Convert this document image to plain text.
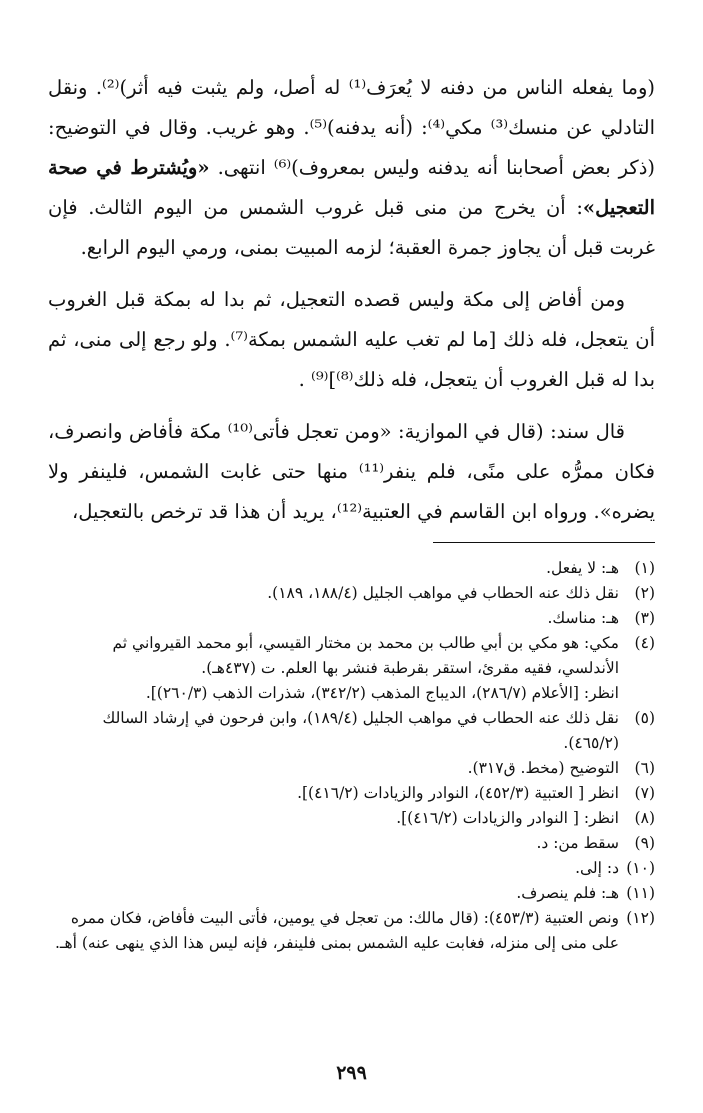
(وما يفعله الناس من دفنه لا يُعرَف⁽¹⁾ له أصل، ولم يثبت فيه أثر)⁽²⁾. ونقل التادلي عن منسك⁽³⁾ مكي⁽⁴⁾: (أنه يدفنه)⁽⁵⁾. وهو غريب. وقال في التوضيح: (ذكر بعض أصحابنا أنه يدفنه وليس بمعروف)⁽⁶⁾ انتهى. «ويُشترط في صحة التعجيل»: أن يخرج من منى قبل غروب الشمس من اليوم الثالث. فإن غربت قبل أن يجاوز جمرة العقبة؛ لزمه المبيت بمنى، ورمي اليوم الرابع.

ومن أفاض إلى مكة وليس قصده التعجيل، ثم بدا له بمكة قبل الغروب أن يتعجل، فله ذلك [ما لم تغب عليه الشمس بمكة⁽⁷⁾. ولو رجع إلى منى، ثم بدا له قبل الغروب أن يتعجل، فله ذلك⁽⁸⁾]⁽⁹⁾ .

قال سند: (قال في الموازية: «ومن تعجل فأتى⁽¹⁰⁾ مكة فأفاض وانصرف، فكان ممرُّه على منًى، فلم ينفر⁽¹¹⁾ منها حتى غابت الشمس، فلينفر ولا يضره». ورواه ابن القاسم في العتبية⁽¹²⁾، يريد أن هذا قد ترخص بالتعجيل،

(١)
هـ: لا يفعل.
(٢)
نقل ذلك عنه الحطاب في مواهب الجليل (١٨٨/٤، ١٨٩).
(٣)
هـ: مناسك.
(٤)
مكي: هو مكي بن أبي طالب بن محمد بن مختار القيسي، أبو محمد القيرواني ثم الأندلسي، فقيه مقرئ، استقر بقرطبة فنشر بها العلم. ت (٤٣٧هـ).
انظر: [الأعلام (٢٨٦/٧)، الديباج المذهب (٣٤٢/٢)، شذرات الذهب (٢٦٠/٣)].
(٥)
نقل ذلك عنه الحطاب في مواهب الجليل (١٨٩/٤)، وابن فرحون في إرشاد السالك (٤٦٥/٢).
(٦)
التوضيح (مخط. ق٣١٧).
(٧)
انظر [ العتبية (٤٥٢/٣)، النوادر والزيادات (٤١٦/٢)].
(٨)
انظر: [ النوادر والزيادات (٤١٦/٢)].
(٩)
سقط من: د.
(١٠)
د: إلى.
(١١)
هـ: فلم ينصرف.
(١٢)
ونص العتبية (٤٥٣/٣): (قال مالك: من تعجل في يومين، فأتى البيت فأفاض، فكان ممره على منى إلى منزله، فغابت عليه الشمس بمنى فلينفر، فإنه ليس هذا الذي ينهى عنه) أهـ.
٢٩٩
